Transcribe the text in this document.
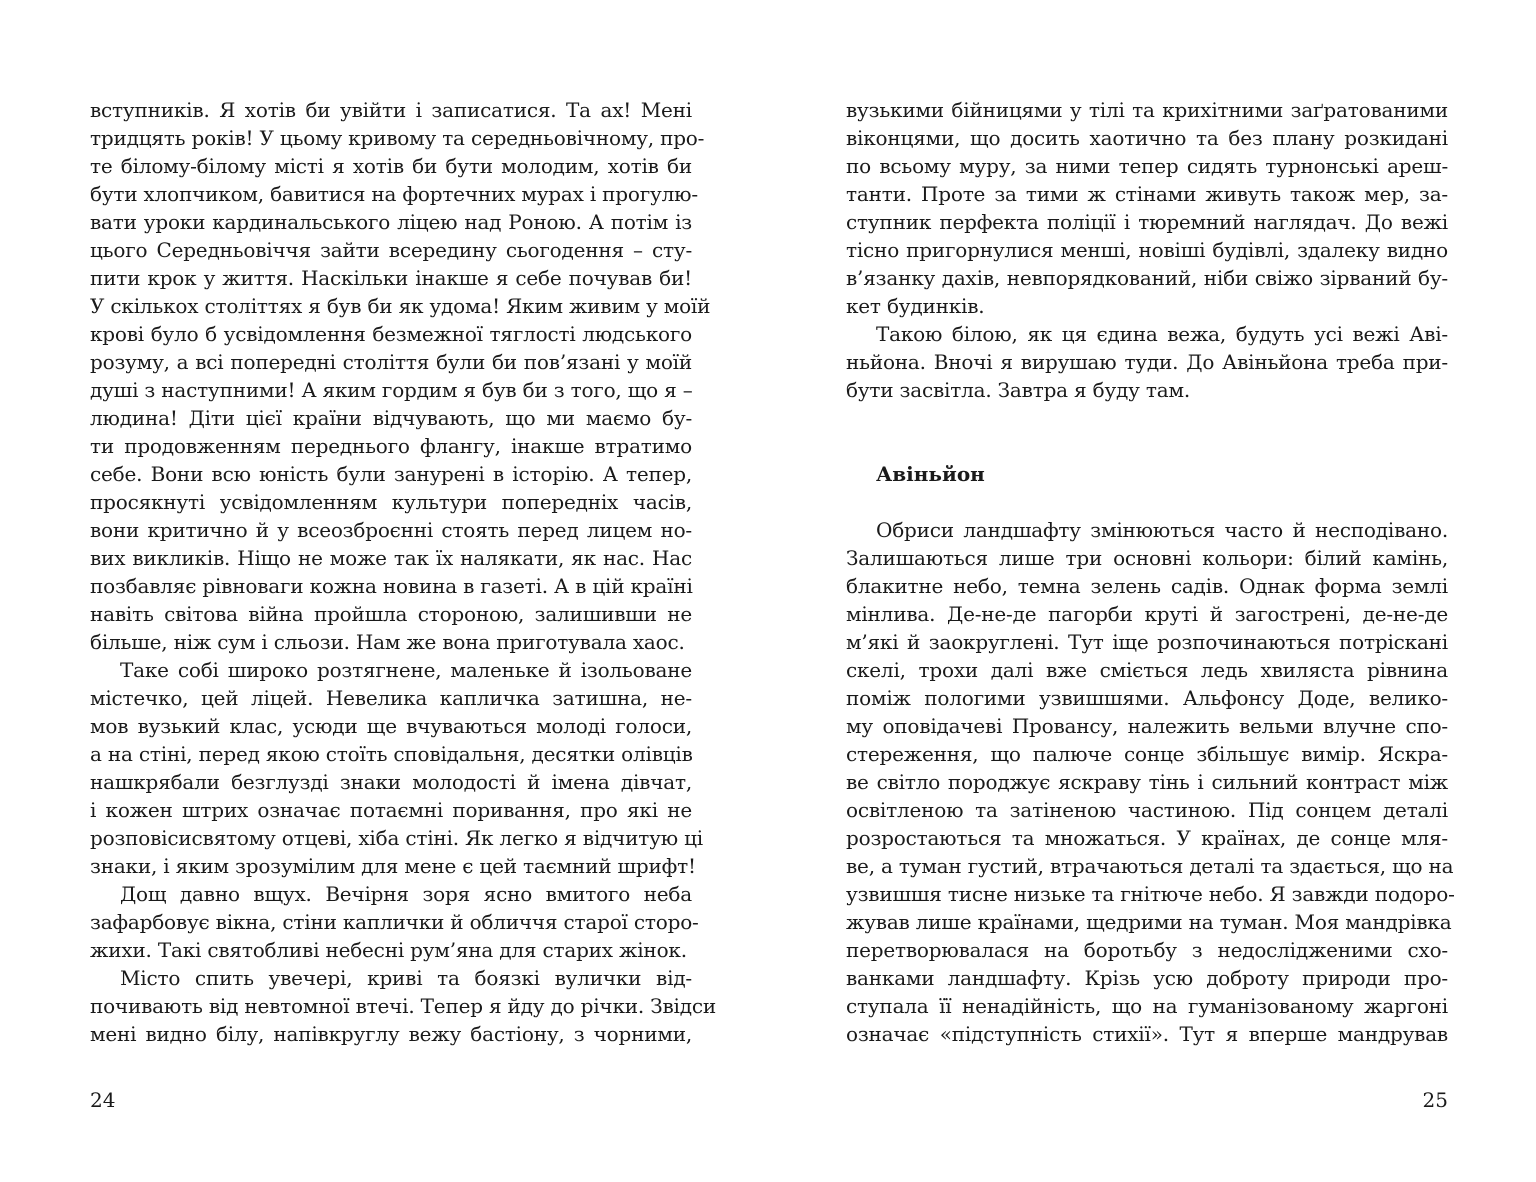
вступників. Я хотів би увійти і записатися. Та ах! Мені
тридцять років! У цьому кривому та середньовічному, про-
те білому-білому місті я хотів би бути молодим, хотів би
бути хлопчиком, бавитися на фортечних мурах і прогулю-
вати уроки кардинальського ліцею над Роною. А потім із
цього Середньовіччя зайти всередину сьогодення – сту-
пити крок у життя. Наскільки інакше я себе почував би!
У скількох століттях я був би як удома! Яким живим у моїй
крові було б усвідомлення безмежної тяглості людського
розуму, а всі попередні століття були би пов’язані у моїй
душі з наступними! А яким гордим я був би з того, що я –
людина! Діти цієї країни відчувають, що ми маємо бу-
ти продовженням переднього флангу, інакше втратимо
себе. Вони всю юність були занурені в історію. А тепер,
просякнуті усвідомленням культури попередніх часів,
вони критично й у всеозброєнні стоять перед лицем но-
вих викликів. Ніщо не може так їх налякати, як нас. Нас
позбавляє рівноваги кожна новина в газеті. А в цій країні
навіть світова війна пройшла стороною, залишивши не
більше, ніж сум і сльози. Нам же вона приготувала хаос.
Таке собі широко розтягнене, маленьке й ізольоване
містечко, цей ліцей. Невелика капличка затишна, не-
мов вузький клас, усюди ще вчуваються молоді голоси,
а на стіні, перед якою стоїть сповідальня, десятки олівців
нашкрябали безглузді знаки молодості й імена дівчат,
і кожен штрих означає потаємні поривання, про які не
розповісиcвятому отцеві, хіба стіні. Як легко я відчитую ці
знаки, і яким зрозумілим для мене є цей таємний шрифт!
Дощ давно вщух. Вечірня зоря ясно вмитого неба
зафарбовує вікна, стіни каплички й обличчя старої сторо-
жихи. Такі святобливі небесні рум’яна для старих жінок.
Місто спить увечері, криві та боязкі вулички від-
почивають від невтомної втечі. Тепер я йду до річки. Звідси
мені видно білу, напівкруглу вежу бастіону, з чорними,
24
вузькими бійницями у тілі та крихітними заґратованими
віконцями, що досить хаотично та без плану розкидані
по всьому муру, за ними тепер сидять турнонські ареш-
танти. Проте за тими ж стінами живуть також мер, за-
ступник перфекта поліції і тюремний наглядач. До вежі
тісно пригорнулися менші, новіші будівлі, здалеку видно
в’язанку дахів, невпорядкований, ніби свіжо зірваний бу-
кет будинків.
Такою білою, як ця єдина вежа, будуть усі вежі Аві-
ньйона. Вночі я вирушаю туди. До Авіньйона треба при-
бути засвітла. Завтра я буду там.
Авіньйон
Обриси ландшафту змінюються часто й несподівано.
Залишаються лише три основні кольори: білий камінь,
блакитне небо, темна зелень садів. Однак форма землі
мінлива. Де-не-де пагорби круті й загострені, де-не-де
м’які й заокруглені. Тут іще розпочинаються потріскані
скелі, трохи далі вже сміється ледь хвиляста рівнина
поміж пологими узвишшями. Альфонсу Доде, велико-
му оповідачеві Провансу, належить вельми влучне спо-
стереження, що палюче сонце збільшує вимір. Яскра-
ве світло породжує яскраву тінь і сильний контраст між
освітленою та затіненою частиною. Під сонцем деталі
розростаються та множаться. У країнах, де сонце мля-
ве, а туман густий, втрачаються деталі та здається, що на
узвишшя тисне низьке та гнітюче небо. Я завжди подоро-
жував лише країнами, щедрими на туман. Моя мандрівка
перетворювалася на боротьбу з недослідженими схо-
ванками ландшафту. Крізь усю доброту природи про-
ступала її ненадійність, що на гуманізованому жаргоні
означає «підступність стихії». Тут я вперше мандрував
25
